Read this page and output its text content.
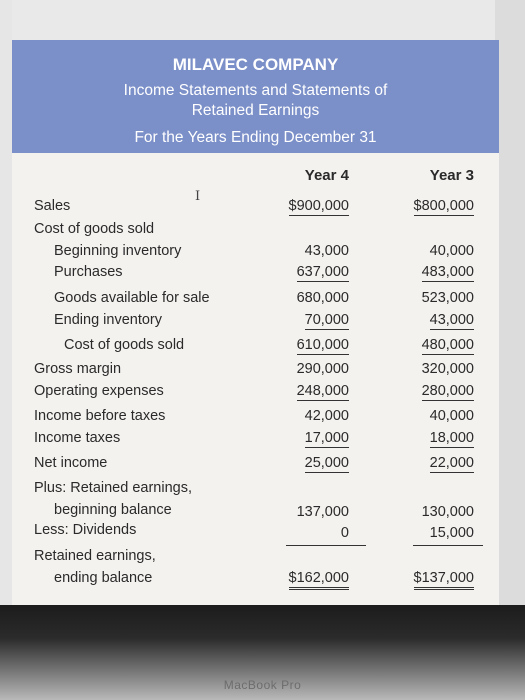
MILAVEC COMPANY
Income Statements and Statements of
Retained Earnings
For the Years Ending December 31
Year 4	Year 3
I
Sales	$900,000	$800,000
Cost of goods sold
Beginning inventory	43,000	40,000
Purchases	637,000	483,000
Goods available for sale	680,000	523,000
Ending inventory	70,000	43,000
Cost of goods sold	610,000	480,000
Gross margin	290,000	320,000
Operating expenses	248,000	280,000
Income before taxes	42,000	40,000
Income taxes	17,000	18,000
Net income	25,000	22,000
Plus: Retained earnings,
beginning balance	137,000	130,000
Less: Dividends	0	15,000
Retained earnings,
ending balance	$162,000	$137,000
MacBook Pro
